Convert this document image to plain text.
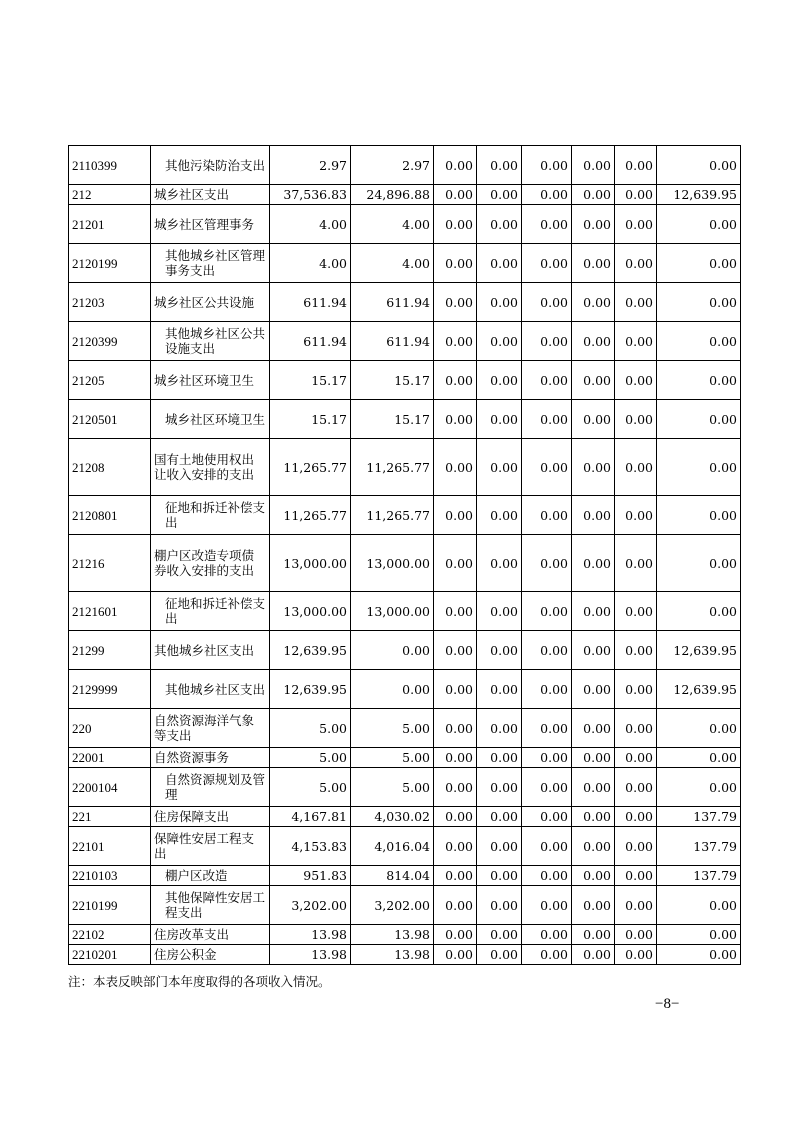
2110399	其他污染防治支出	2.97	2.97	0.00	0.00	0.00	0.00	0.00	0.00
212	城乡社区支出	37,536.83	24,896.88	0.00	0.00	0.00	0.00	0.00	12,639.95
21201	城乡社区管理事务	4.00	4.00	0.00	0.00	0.00	0.00	0.00	0.00
2120199	其他城乡社区管理事务支出	4.00	4.00	0.00	0.00	0.00	0.00	0.00	0.00
21203	城乡社区公共设施	611.94	611.94	0.00	0.00	0.00	0.00	0.00	0.00
2120399	其他城乡社区公共设施支出	611.94	611.94	0.00	0.00	0.00	0.00	0.00	0.00
21205	城乡社区环境卫生	15.17	15.17	0.00	0.00	0.00	0.00	0.00	0.00
2120501	城乡社区环境卫生	15.17	15.17	0.00	0.00	0.00	0.00	0.00	0.00
21208	国有土地使用权出让收入安排的支出	11,265.77	11,265.77	0.00	0.00	0.00	0.00	0.00	0.00
2120801	征地和拆迁补偿支出	11,265.77	11,265.77	0.00	0.00	0.00	0.00	0.00	0.00
21216	棚户区改造专项债券收入安排的支出	13,000.00	13,000.00	0.00	0.00	0.00	0.00	0.00	0.00
2121601	征地和拆迁补偿支出	13,000.00	13,000.00	0.00	0.00	0.00	0.00	0.00	0.00
21299	其他城乡社区支出	12,639.95	0.00	0.00	0.00	0.00	0.00	0.00	12,639.95
2129999	其他城乡社区支出	12,639.95	0.00	0.00	0.00	0.00	0.00	0.00	12,639.95
220	自然资源海洋气象等支出	5.00	5.00	0.00	0.00	0.00	0.00	0.00	0.00
22001	自然资源事务	5.00	5.00	0.00	0.00	0.00	0.00	0.00	0.00
2200104	自然资源规划及管理	5.00	5.00	0.00	0.00	0.00	0.00	0.00	0.00
221	住房保障支出	4,167.81	4,030.02	0.00	0.00	0.00	0.00	0.00	137.79
22101	保障性安居工程支出	4,153.83	4,016.04	0.00	0.00	0.00	0.00	0.00	137.79
2210103	棚户区改造	951.83	814.04	0.00	0.00	0.00	0.00	0.00	137.79
2210199	其他保障性安居工程支出	3,202.00	3,202.00	0.00	0.00	0.00	0.00	0.00	0.00
22102	住房改革支出	13.98	13.98	0.00	0.00	0.00	0.00	0.00	0.00
2210201	住房公积金	13.98	13.98	0.00	0.00	0.00	0.00	0.00	0.00
注：本表反映部门本年度取得的各项收入情况。
−8−
